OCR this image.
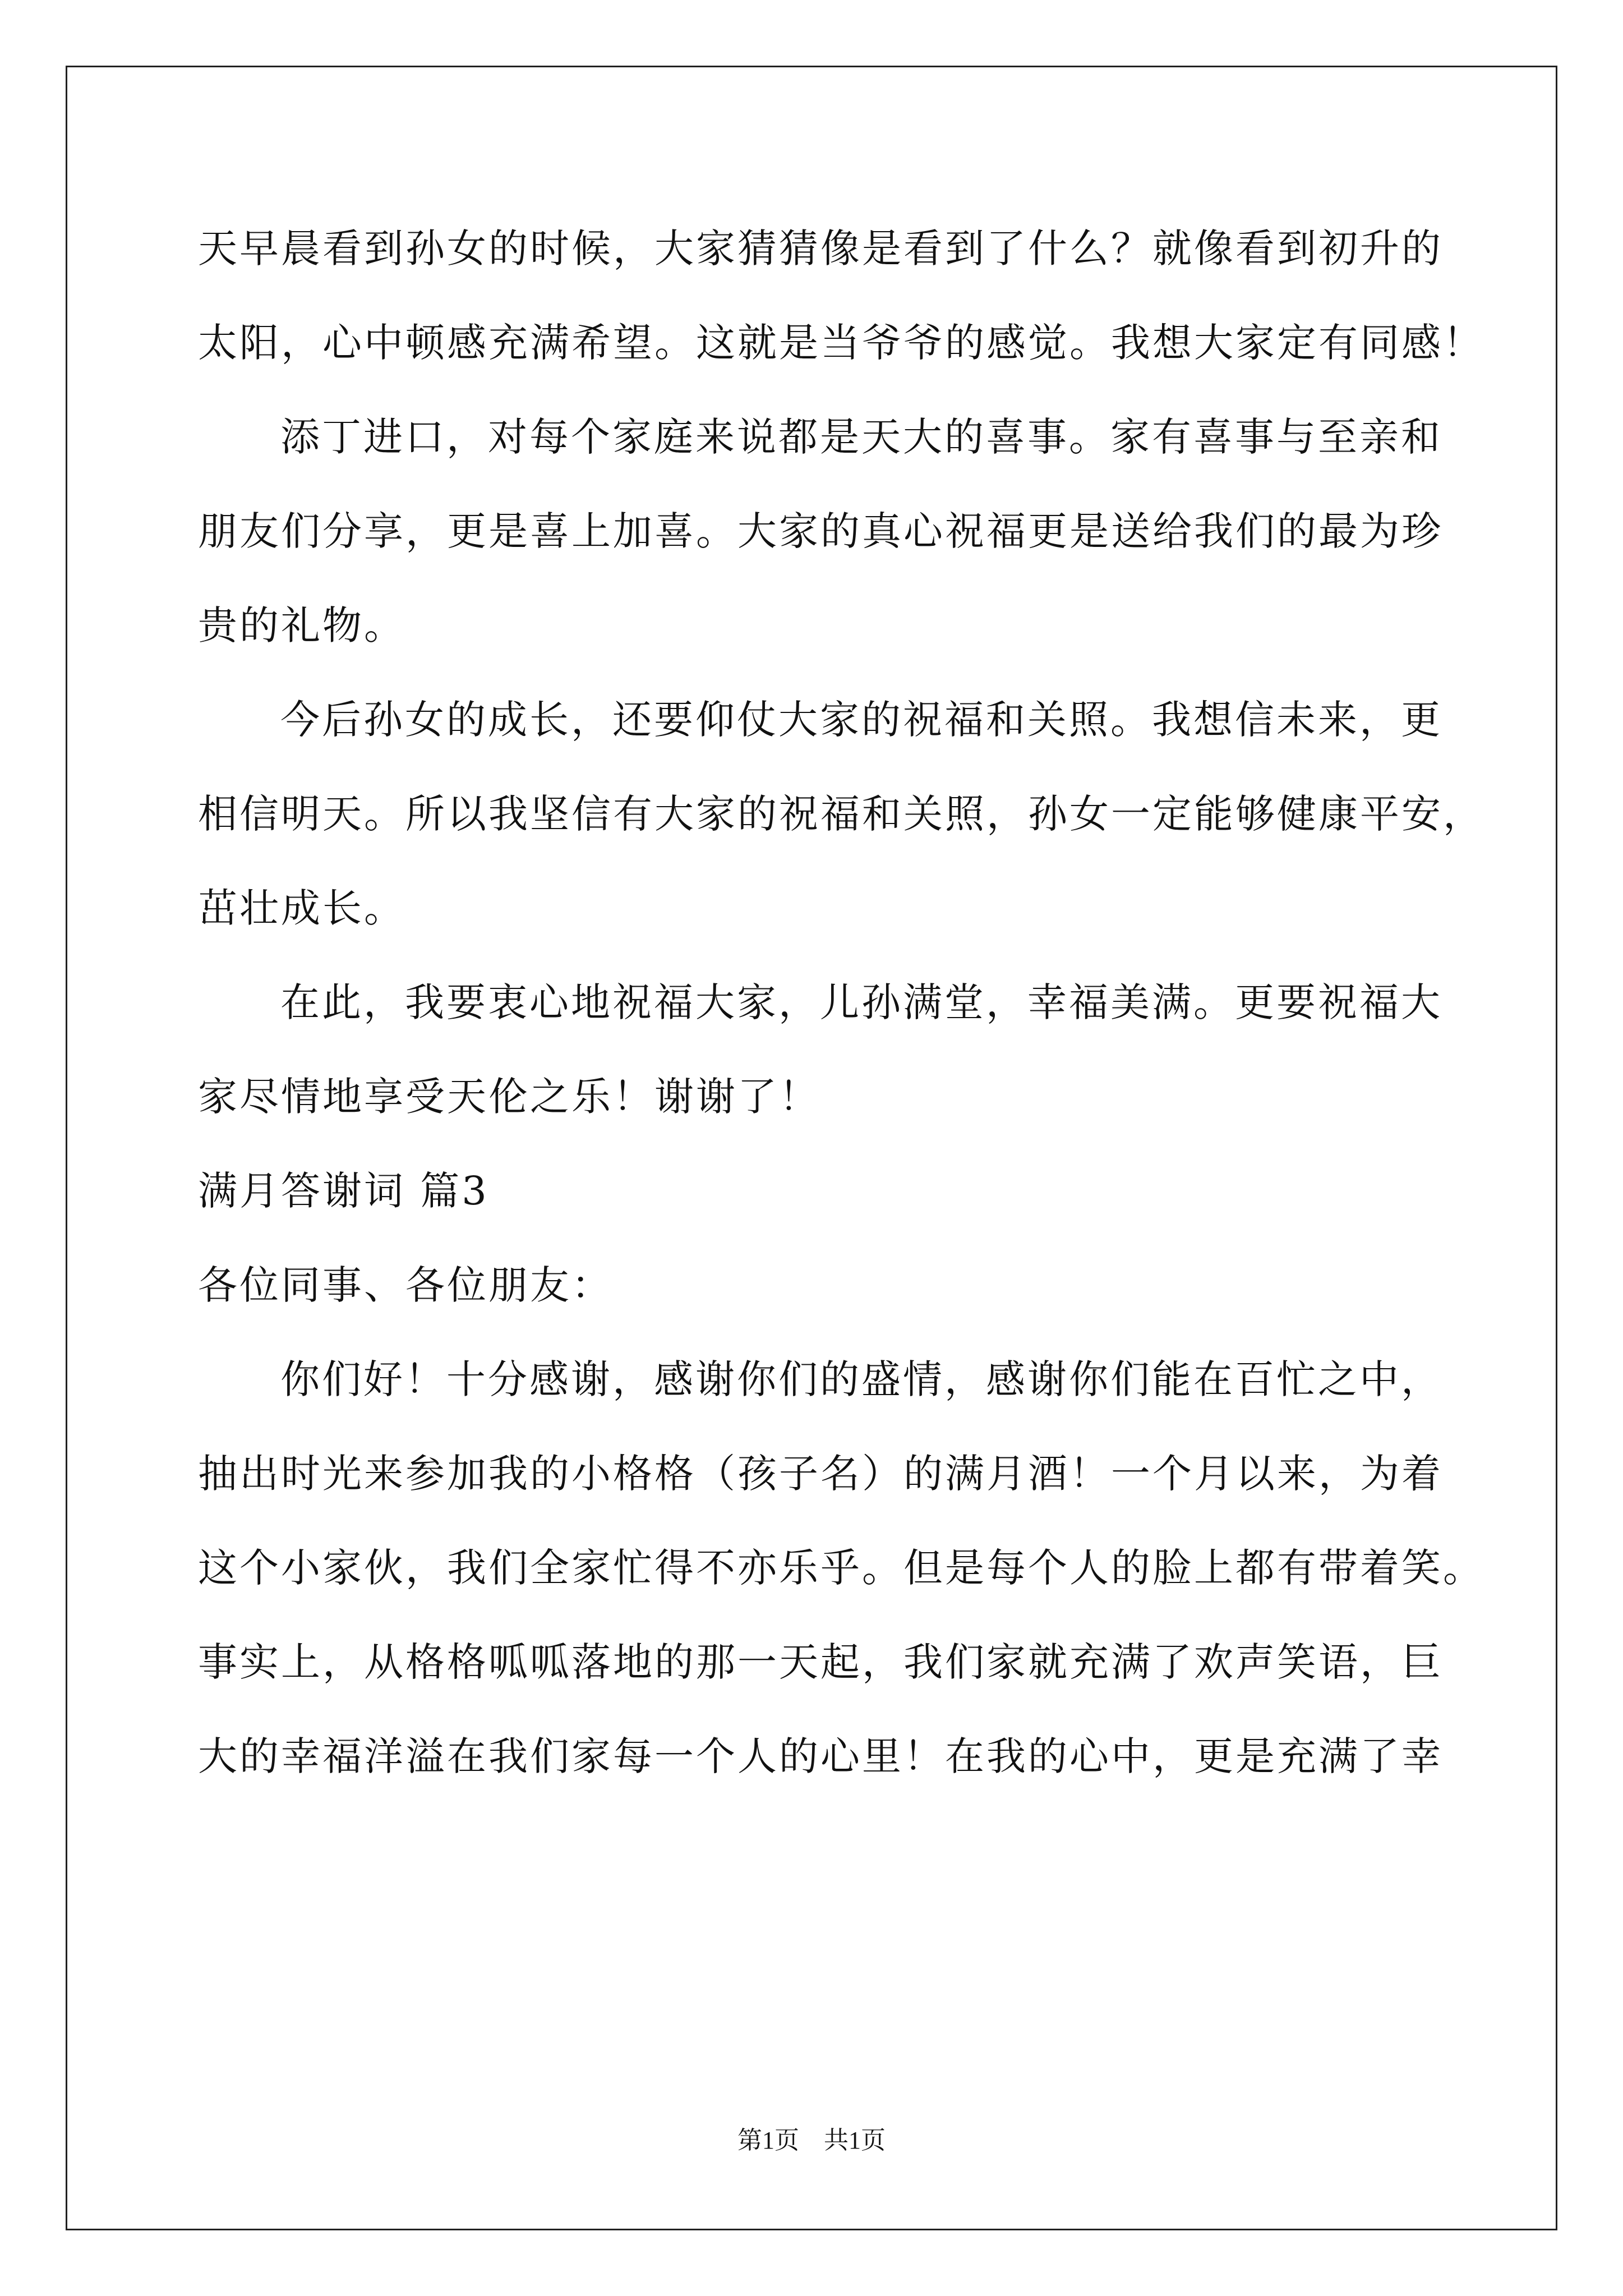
天早晨看到孙女的时候，大家猜猜像是看到了什么？就像看到初升的
太阳，心中顿感充满希望。这就是当爷爷的感觉。我想大家定有同感！
添丁进口，对每个家庭来说都是天大的喜事。家有喜事与至亲和
朋友们分享，更是喜上加喜。大家的真心祝福更是送给我们的最为珍
贵的礼物。
今后孙女的成长，还要仰仗大家的祝福和关照。我想信未来，更
相信明天。所以我坚信有大家的祝福和关照，孙女一定能够健康平安，
茁壮成长。
在此，我要衷心地祝福大家，儿孙满堂，幸福美满。更要祝福大
家尽情地享受天伦之乐！谢谢了！
满月答谢词 篇3
各位同事、各位朋友：
你们好！十分感谢，感谢你们的盛情，感谢你们能在百忙之中，
抽出时光来参加我的小格格（孩子名）的满月酒！一个月以来，为着
这个小家伙，我们全家忙得不亦乐乎。但是每个人的脸上都有带着笑。
事实上，从格格呱呱落地的那一天起，我们家就充满了欢声笑语，巨
大的幸福洋溢在我们家每一个人的心里！在我的心中，更是充满了幸
第1页　共1页
